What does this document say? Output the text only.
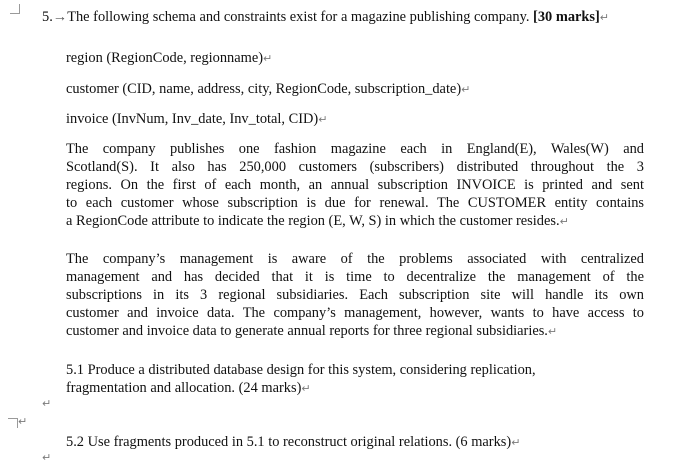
5.→The following schema and constraints exist for a magazine publishing company. [30 marks]↵
region (RegionCode, regionname)↵
customer (CID, name, address, city, RegionCode, subscription_date)↵
invoice (InvNum, Inv_date, Inv_total, CID)↵
The company publishes one fashion magazine each in England(E), Wales(W) and
Scotland(S). It also has 250,000 customers (subscribers) distributed throughout the 3
regions. On the first of each month, an annual subscription INVOICE is printed and sent
to each customer whose subscription is due for renewal. The CUSTOMER entity contains
a RegionCode attribute to indicate the region (E, W, S) in which the customer resides.↵
The company’s management is aware of the problems associated with centralized
management and has decided that it is time to decentralize the management of the
subscriptions in its 3 regional subsidiaries. Each subscription site will handle its own
customer and invoice data. The company’s management, however, wants to have access to
customer and invoice data to generate annual reports for three regional subsidiaries.↵
5.1 Produce a distributed database design for this system, considering replication,
fragmentation and allocation. (24 marks)↵
↵
↵
5.2 Use fragments produced in 5.1 to reconstruct original relations. (6 marks)↵
↵
